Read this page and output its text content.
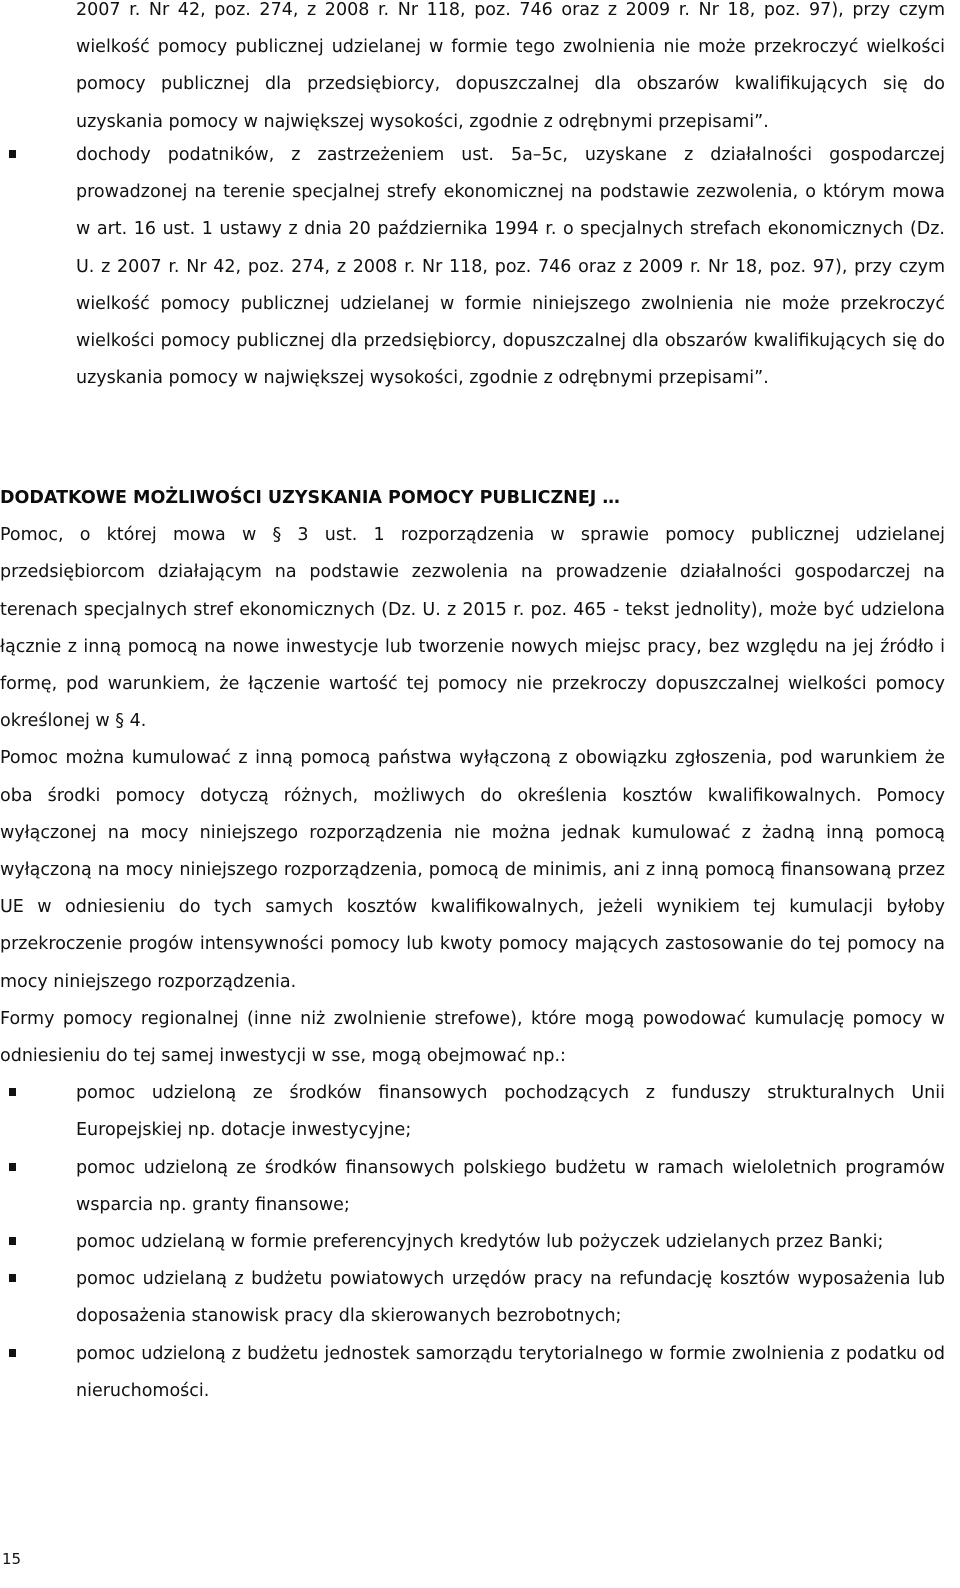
2007 r. Nr 42, poz. 274, z 2008 r. Nr 118, poz. 746 oraz z 2009 r. Nr 18, poz. 97), przy czym wielkość pomocy publicznej udzielanej w formie tego zwolnienia nie może przekroczyć wielkości pomocy publicznej dla przedsiębiorcy, dopuszczalnej dla obszarów kwalifikujących się do uzyskania pomocy w największej wysokości, zgodnie z odrębnymi przepisami”.

dochody podatników, z zastrzeżeniem ust. 5a–5c, uzyskane z działalności gospodarczej prowadzonej na terenie specjalnej strefy ekonomicznej na podstawie zezwolenia, o którym mowa w art. 16 ust. 1 ustawy z dnia 20 października 1994 r. o specjalnych strefach ekonomicznych (Dz. U. z 2007 r. Nr 42, poz. 274, z 2008 r. Nr 118, poz. 746 oraz z 2009 r. Nr 18, poz. 97), przy czym wielkość pomocy publicznej udzielanej w formie niniejszego zwolnienia nie może przekroczyć wielkości pomocy publicznej dla przedsiębiorcy, dopuszczalnej dla obszarów kwalifikujących się do uzyskania pomocy w największej wysokości, zgodnie z odrębnymi przepisami”.

DODATKOWE MOŻLIWOŚCI UZYSKANIA POMOCY PUBLICZNEJ …

Pomoc, o której mowa w § 3 ust. 1 rozporządzenia w sprawie pomocy publicznej udzielanej przedsiębiorcom działającym na podstawie zezwolenia na prowadzenie działalności gospodarczej na terenach specjalnych stref ekonomicznych (Dz. U. z 2015 r. poz. 465 - tekst jednolity), może być udzielona łącznie z inną pomocą na nowe inwestycje lub tworzenie nowych miejsc pracy, bez względu na jej źródło i formę, pod warunkiem, że łączenie wartość tej pomocy nie przekroczy dopuszczalnej wielkości pomocy określonej w § 4.

Pomoc można kumulować z inną pomocą państwa wyłączoną z obowiązku zgłoszenia, pod warunkiem że oba środki pomocy dotyczą różnych, możliwych do określenia kosztów kwalifikowalnych. Pomocy wyłączonej na mocy niniejszego rozporządzenia nie można jednak kumulować z żadną inną pomocą wyłączoną na mocy niniejszego rozporządzenia, pomocą de minimis, ani z inną pomocą finansowaną przez UE w odniesieniu do tych samych kosztów kwalifikowalnych, jeżeli wynikiem tej kumulacji byłoby przekroczenie progów intensywności pomocy lub kwoty pomocy mających zastosowanie do tej pomocy na mocy niniejszego rozporządzenia.

Formy pomocy regionalnej (inne niż zwolnienie strefowe), które mogą powodować kumulację pomocy w odniesieniu do tej samej inwestycji w sse, mogą obejmować np.:

pomoc udzieloną ze środków finansowych pochodzących z funduszy strukturalnych Unii Europejskiej np. dotacje inwestycyjne;

pomoc udzieloną ze środków finansowych polskiego budżetu w ramach wieloletnich programów wsparcia np. granty finansowe;

pomoc udzielaną w formie preferencyjnych kredytów lub pożyczek udzielanych przez Banki;

pomoc udzielaną z budżetu powiatowych urzędów pracy na refundację kosztów wyposażenia lub doposażenia stanowisk pracy dla skierowanych bezrobotnych;

pomoc udzieloną z budżetu jednostek samorządu terytorialnego w formie zwolnienia z podatku od nieruchomości.

15
